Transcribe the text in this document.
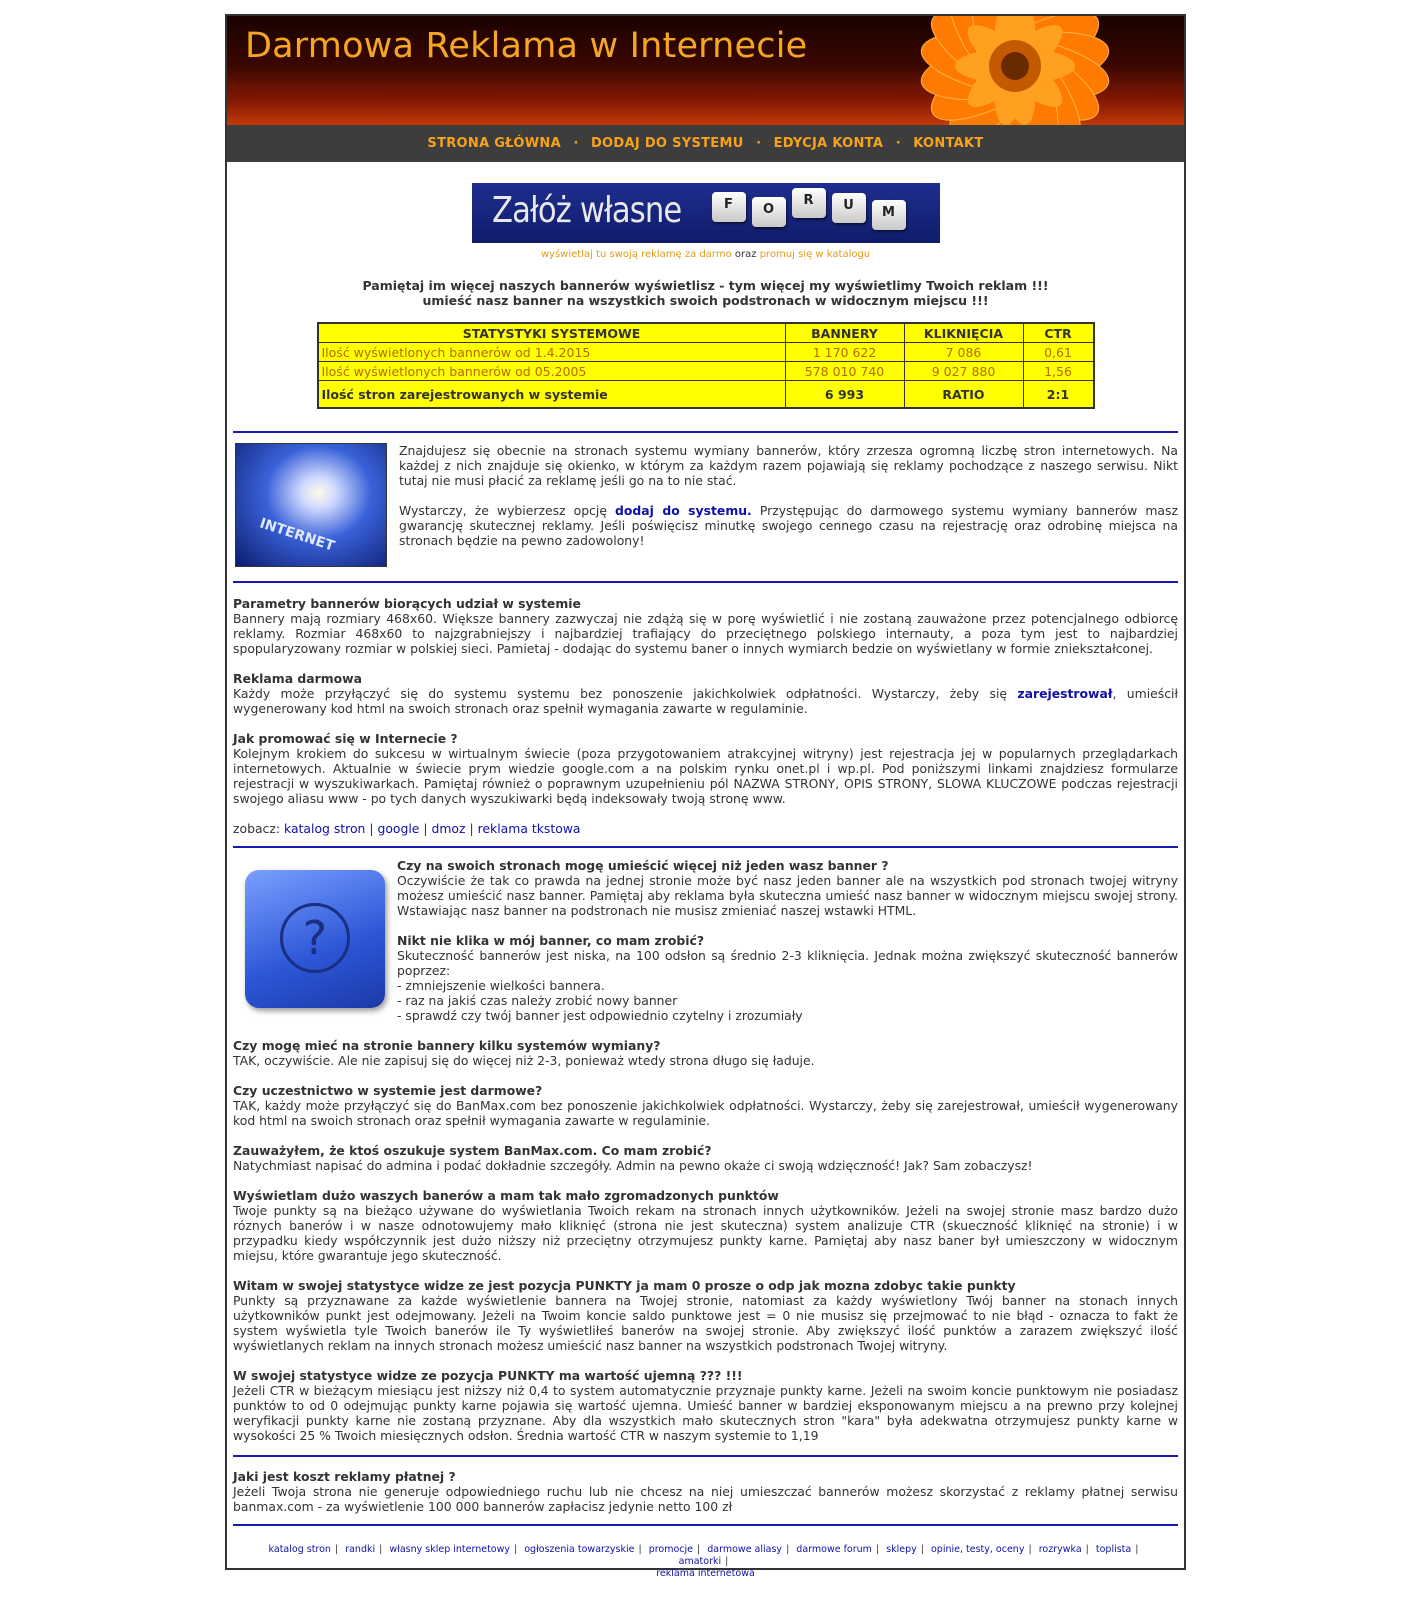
Darmowa Reklama w Internecie
STRONA GŁÓWNA · DODAJ DO SYSTEMU · EDYCJA KONTA · KONTAKT
Załóż własne	F	O
R	U	M
wyświetlaj tu swoją reklamę za darmo oraz promuj się w katalogu
Pamiętaj im więcej naszych bannerów wyświetlisz - tym więcej my wyświetlimy Twoich reklam !!!
umieść nasz banner na wszystkich swoich podstronach w widocznym miejscu !!!
STATYSTYKI SYSTEMOWE	BANNERY	KLIKNIĘCIA	CTR
Ilość wyświetlonych bannerów od 1.4.2015	1 170 622	7 086	0,61
Ilość wyświetlonych bannerów od 05.2005	578 010 740	9 027 880	1,56
Ilość stron zarejestrowanych w systemie	6 993	RATIO	2:1
INTERNET

Znajdujesz się obecnie na stronach systemu wymiany bannerów, który zrzesza ogromną liczbę stron internetowych. Na każdej z nich znajduje się okienko, w którym za każdym razem pojawiają się reklamy pochodzące z naszego serwisu. Nikt tutaj nie musi płacić za reklamę jeśli go na to nie stać.

Wystarczy, że wybierzesz opcję dodaj do systemu. Przystępując do darmowego systemu wymiany bannerów masz gwarancję skutecznej reklamy. Jeśli poświęcisz minutkę swojego cennego czasu na rejestrację oraz odrobinę miejsca na stronach będzie na pewno zadowolony!

Parametry bannerów biorących udział w systemie
Bannery mają rozmiary 468x60. Większe bannery zazwyczaj nie zdążą się w porę wyświetlić i nie zostaną zauważone przez potencjalnego odbiorcę reklamy. Rozmiar 468x60 to najzgrabniejszy i najbardziej trafiający do przeciętnego polskiego internauty, a poza tym jest to najbardziej spopularyzowany rozmiar w polskiej sieci. Pamietaj - dodając do systemu baner o innych wymiarch bedzie on wyświetlany w formie zniekształconej.
Reklama darmowa
Każdy może przyłączyć się do systemu systemu bez ponoszenie jakichkolwiek odpłatności. Wystarczy, żeby się zarejestrował, umieścił wygenerowany kod html na swoich stronach oraz spełnił wymagania zawarte w regulaminie.
Jak promować się w Internecie ?
Kolejnym krokiem do sukcesu w wirtualnym świecie (poza przygotowaniem atrakcyjnej witryny) jest rejestracja jej w popularnych przeglądarkach internetowych. Aktualnie w świecie prym wiedzie google.com a na polskim rynku onet.pl i wp.pl. Pod poniższymi linkami znajdziesz formularze rejestracji w wyszukiwarkach. Pamiętaj również o poprawnym uzupełnieniu pól NAZWA STRONY, OPIS STRONY, SLOWA KLUCZOWE podczas rejestracji swojego aliasu www - po tych danych wyszukiwarki będą indeksowały twoją stronę www.
zobacz: katalog stron | google | dmoz | reklama tkstowa
?
Czy na swoich stronach mogę umieścić więcej niż jeden wasz banner ?
Oczywiście że tak co prawda na jednej stronie może być nasz jeden banner ale na wszystkich pod stronach twojej witryny możesz umieścić nasz banner. Pamiętaj aby reklama była skuteczna umieść nasz banner w widocznym miejscu swojej strony. Wstawiając nasz banner na podstronach nie musisz zmieniać naszej wstawki HTML.
Nikt nie klika w mój banner, co mam zrobić?
Skuteczność bannerów jest niska, na 100 odsłon są średnio 2-3 kliknięcia. Jednak można zwiększyć skuteczność bannerów poprzez:
- zmniejszenie wielkości bannera.
- raz na jakiś czas należy zrobić nowy banner
- sprawdź czy twój banner jest odpowiednio czytelny i zrozumiały
Czy mogę mieć na stronie bannery kilku systemów wymiany?
TAK, oczywiście. Ale nie zapisuj się do więcej niż 2-3, ponieważ wtedy strona długo się ładuje.
Czy uczestnictwo w systemie jest darmowe?
TAK, każdy może przyłączyć się do BanMax.com bez ponoszenie jakichkolwiek odpłatności. Wystarczy, żeby się zarejestrował, umieścił wygenerowany kod html na swoich stronach oraz spełnił wymagania zawarte w regulaminie.
Zauważyłem, że ktoś oszukuje system BanMax.com. Co mam zrobić?
Natychmiast napisać do admina i podać dokładnie szczegóły. Admin na pewno okaże ci swoją wdzięczność! Jak? Sam zobaczysz!
Wyświetlam dużo waszych banerów a mam tak mało zgromadzonych punktów
Twoje punkty są na bieżąco używane do wyświetlania Twoich rekam na stronach innych użytkowników. Jeżeli na swojej stronie masz bardzo dużo róznych banerów i w nasze odnotowujemy mało kliknięć (strona nie jest skuteczna) system analizuje CTR (skueczność kliknięć na stronie) i w przypadku kiedy współczynnik jest dużo niższy niż przeciętny otrzymujesz punkty karne. Pamiętaj aby nasz baner był umieszczony w widocznym miejsu, które gwarantuje jego skuteczność.
Witam w swojej statystyce widze ze jest pozycja PUNKTY ja mam 0 prosze o odp jak mozna zdobyc takie punkty
Punkty są przyznawane za każde wyświetlenie bannera na Twojej stronie, natomiast za każdy wyświetlony Twój banner na stonach innych użytkowników punkt jest odejmowany. Jeżeli na Twoim koncie saldo punktowe jest = 0 nie musisz się przejmować to nie błąd - oznacza to fakt że system wyświetla tyle Twoich banerów ile Ty wyświetliłeś banerów na swojej stronie. Aby zwiększyć ilość punktów a zarazem zwiększyć ilość wyświetlanych reklam na innych stronach możesz umieścić nasz banner na wszystkich podstronach Twojej witryny.
W swojej statystyce widze ze pozycja PUNKTY ma wartość ujemną ??? !!!
Jeżeli CTR w bieżącym miesiącu jest niższy niż 0,4 to system automatycznie przyznaje punkty karne. Jeżeli na swoim koncie punktowym nie posiadasz punktów to od 0 odejmując punkty karne pojawia się wartość ujemna. Umieść banner w bardziej eksponowanym miejscu a na prewno przy kolejnej weryfikacji punkty karne nie zostaną przyznane. Aby dla wszystkich mało skutecznych stron "kara" była adekwatna otrzymujesz punkty karne w wysokości 25 % Twoich miesięcznych odsłon. Średnia wartość CTR w naszym systemie to 1,19
Jaki jest koszt reklamy płatnej ?
Jeżeli Twoja strona nie generuje odpowiedniego ruchu lub nie chcesz na niej umieszczać bannerów możesz skorzystać z reklamy płatnej serwisu banmax.com - za wyświetlenie 100 000 bannerów zapłacisz jedynie netto 100 zł
katalog stron | randki | własny sklep internetowy | ogłoszenia towarzyskie | promocje | darmowe aliasy | darmowe forum | sklepy | opinie, testy, oceny | rozrywka | toplista | amatorki |
reklama internetowa
